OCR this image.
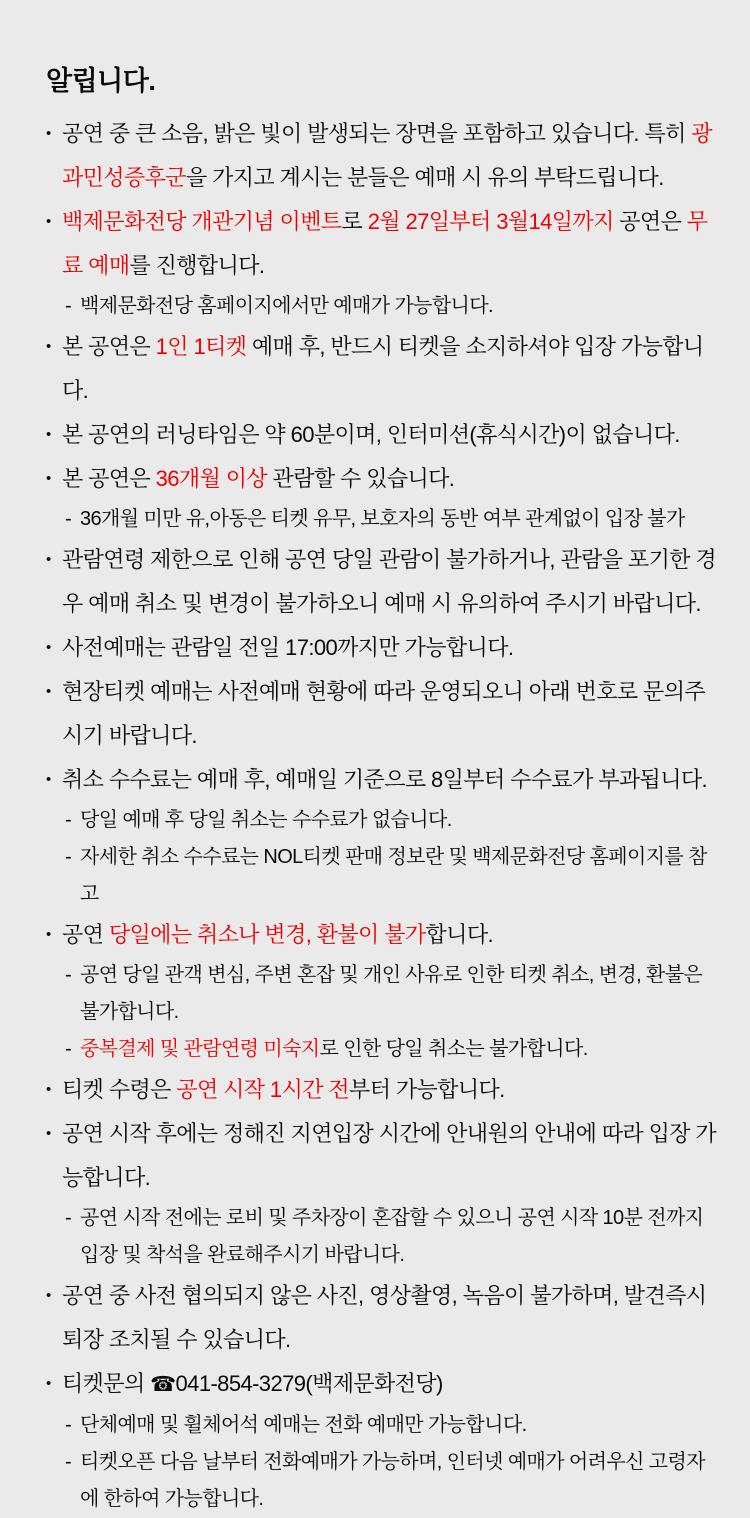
알립니다.
• 공연 중 큰 소음, 밝은 빛이 발생되는 장면을 포함하고 있습니다. 특히 광과민성증후군을 가지고 계시는 분들은 예매 시 유의 부탁드립니다.
• 백제문화전당 개관기념 이벤트로 2월 27일부터 3월14일까지 공연은 무료 예매를 진행합니다.
- 백제문화전당 홈페이지에서만 예매가 가능합니다.
• 본 공연은 1인 1티켓 예매 후, 반드시 티켓을 소지하셔야 입장 가능합니다.
• 본 공연의 러닝타임은 약 60분이며, 인터미션(휴식시간)이 없습니다.
• 본 공연은 36개월 이상 관람할 수 있습니다.
- 36개월 미만 유,아동은 티켓 유무, 보호자의 동반 여부 관계없이 입장 불가
• 관람연령 제한으로 인해 공연 당일 관람이 불가하거나, 관람을 포기한 경우 예매 취소 및 변경이 불가하오니 예매 시 유의하여 주시기 바랍니다.
• 사전예매는 관람일 전일 17:00까지만 가능합니다.
• 현장티켓 예매는 사전예매 현황에 따라 운영되오니 아래 번호로 문의주시기 바랍니다.
• 취소 수수료는 예매 후, 예매일 기준으로 8일부터 수수료가 부과됩니다.
- 당일 예매 후 당일 취소는 수수료가 없습니다.
- 자세한 취소 수수료는 NOL티켓 판매 정보란 및 백제문화전당 홈페이지를 참고
• 공연 당일에는 취소나 변경, 환불이 불가합니다.
- 공연 당일 관객 변심, 주변 혼잡 및 개인 사유로 인한 티켓 취소, 변경, 환불은 불가합니다.
- 중복결제 및 관람연령 미숙지로 인한 당일 취소는 불가합니다.
• 티켓 수령은 공연 시작 1시간 전부터 가능합니다.
• 공연 시작 후에는 정해진 지연입장 시간에 안내원의 안내에 따라 입장 가능합니다.
- 공연 시작 전에는 로비 및 주차장이 혼잡할 수 있으니 공연 시작 10분 전까지 입장 및 착석을 완료해주시기 바랍니다.
• 공연 중 사전 협의되지 않은 사진, 영상촬영, 녹음이 불가하며, 발견즉시 퇴장 조치될 수 있습니다.
• 티켓문의 ☎041-854-3279(백제문화전당)
- 단체예매 및 휠체어석 예매는 전화 예매만 가능합니다.
- 티켓오픈 다음 날부터 전화예매가 가능하며, 인터넷 예매가 어려우신 고령자에 한하여 가능합니다.
